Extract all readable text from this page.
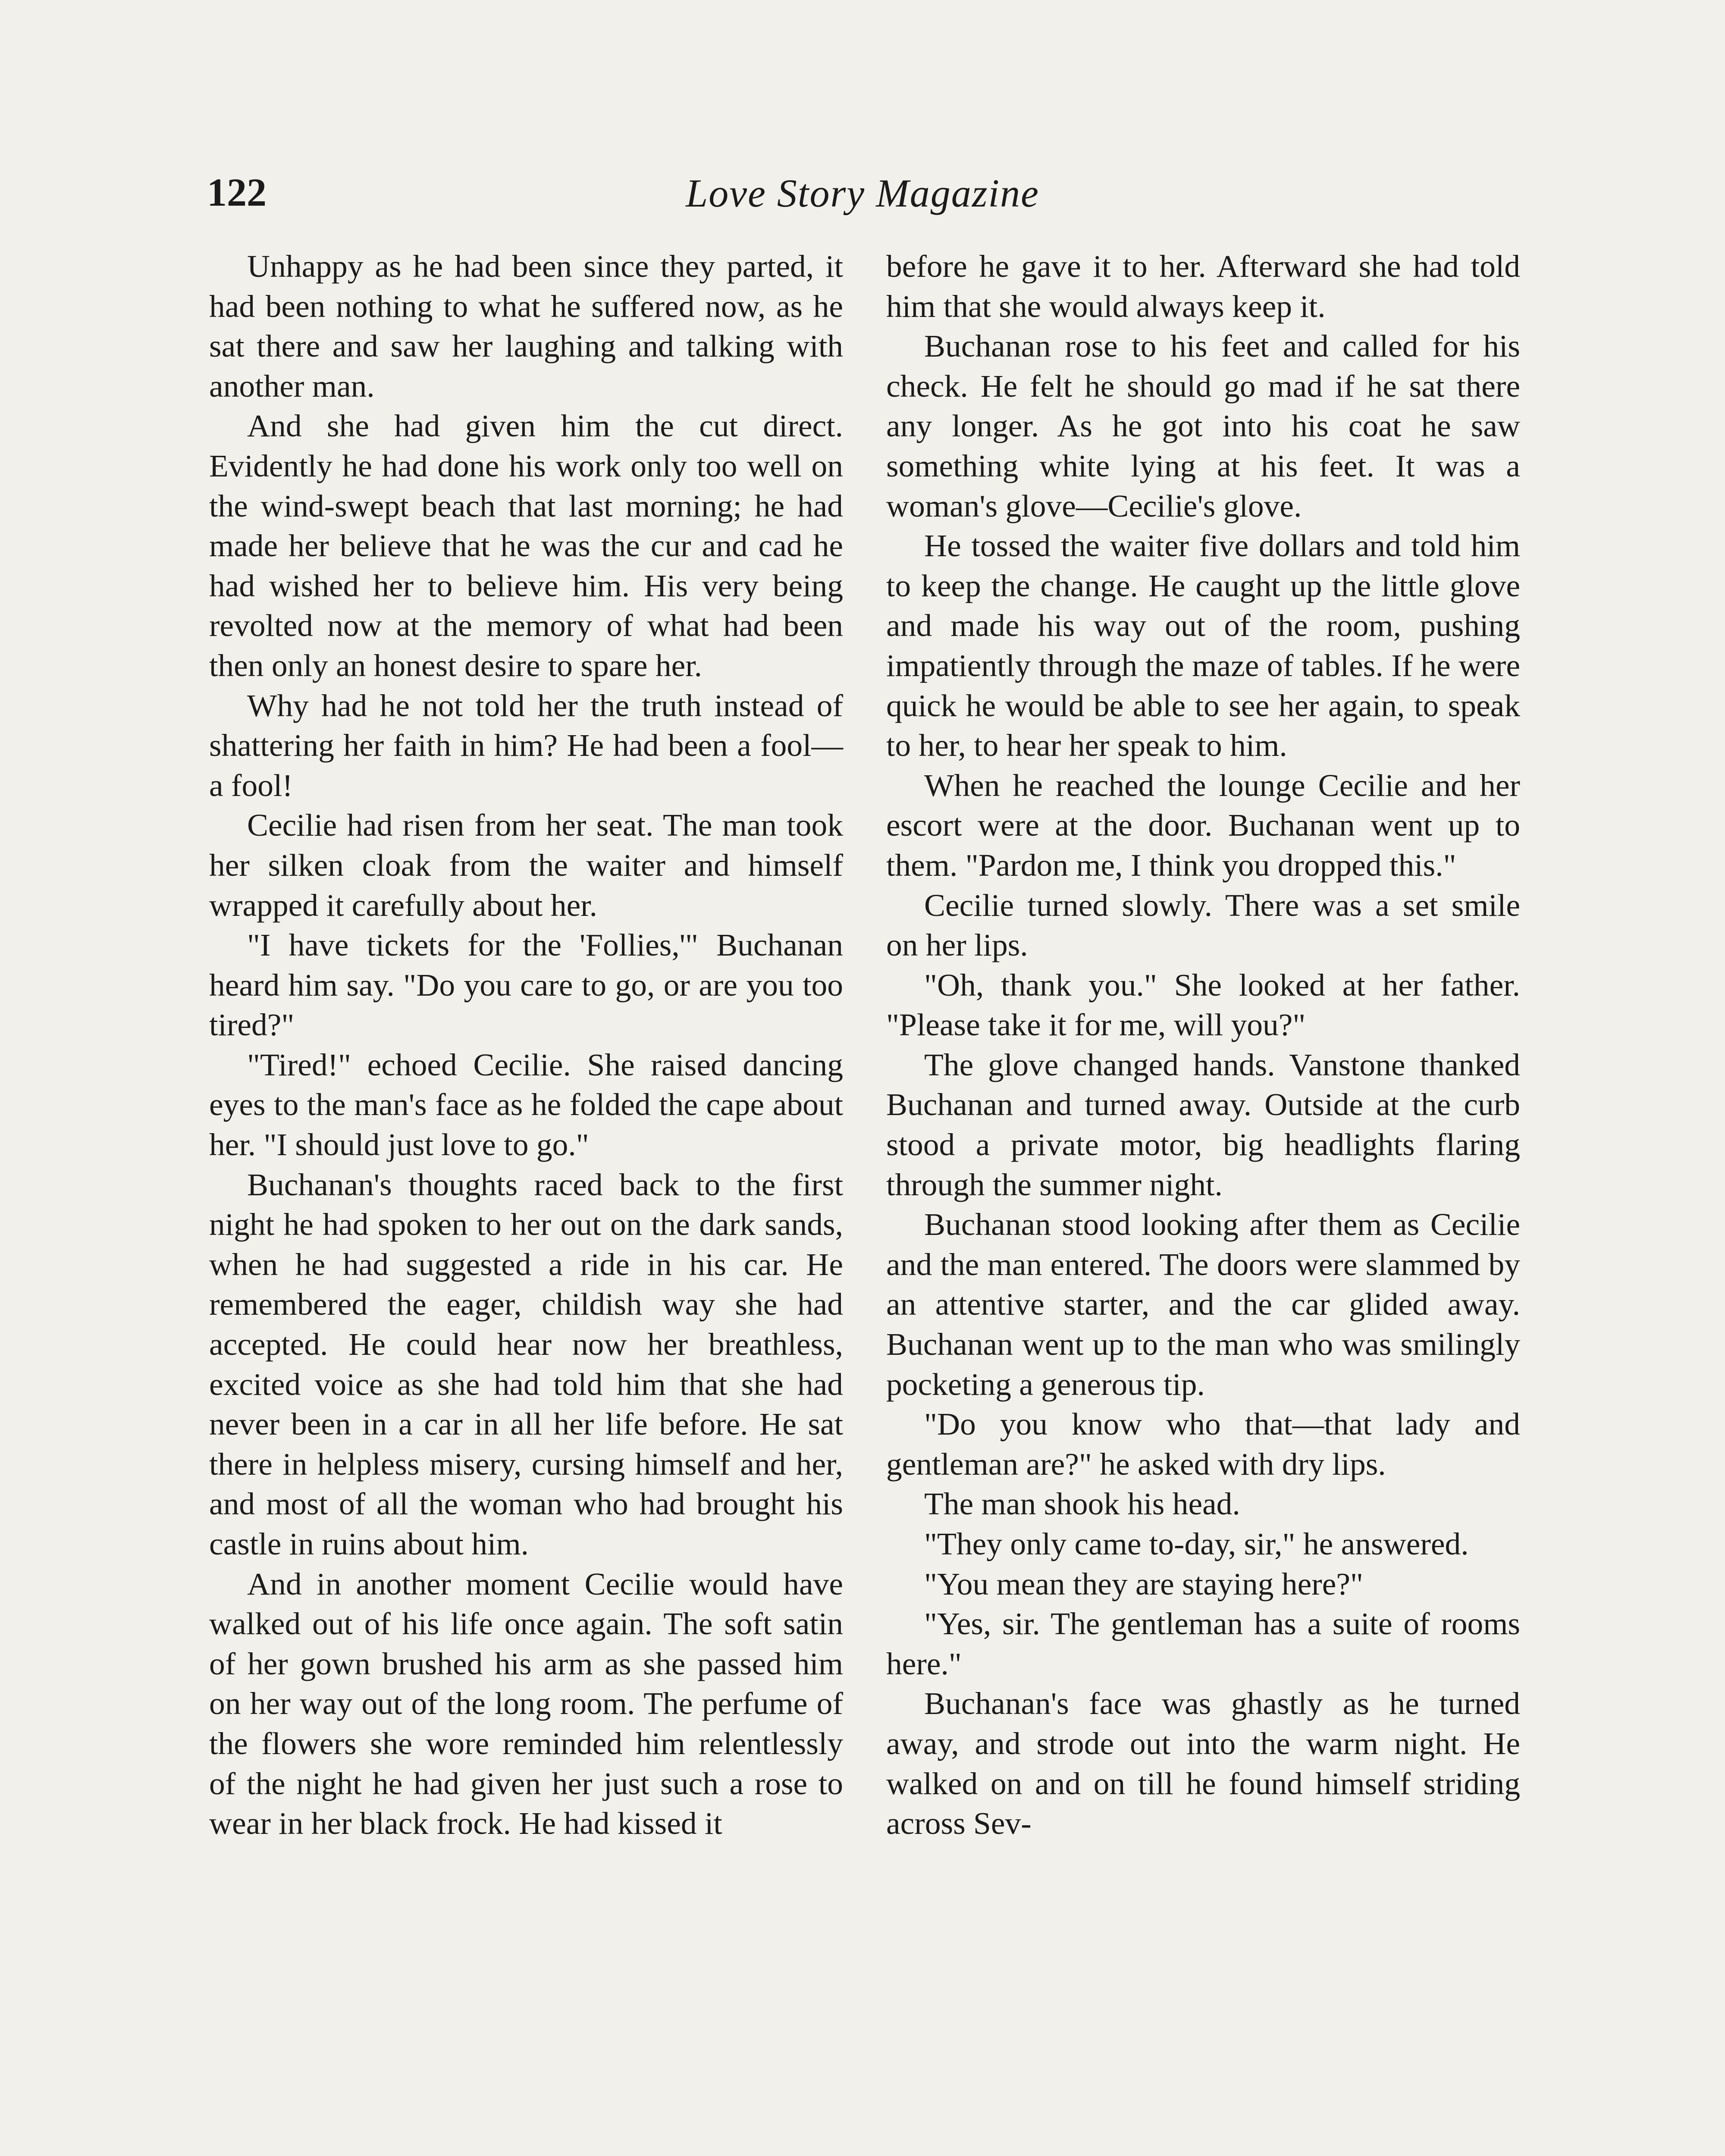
122	Love Story Magazine

Unhappy as he had been since they parted, it had been nothing to what he suffered now, as he sat there and saw her laughing and talking with another man.

And she had given him the cut direct. Evidently he had done his work only too well on the wind-swept beach that last morning; he had made her believe that he was the cur and cad he had wished her to believe him. His very being revolted now at the memory of what had been then only an honest desire to spare her.

Why had he not told her the truth instead of shattering her faith in him? He had been a fool—a fool!

Cecilie had risen from her seat. The man took her silken cloak from the waiter and himself wrapped it carefully about her.

"I have tickets for the 'Follies,'" Buchanan heard him say. "Do you care to go, or are you too tired?"

"Tired!" echoed Cecilie. She raised dancing eyes to the man's face as he folded the cape about her. "I should just love to go."

Buchanan's thoughts raced back to the first night he had spoken to her out on the dark sands, when he had suggested a ride in his car. He remembered the eager, childish way she had accepted. He could hear now her breathless, excited voice as she had told him that she had never been in a car in all her life before. He sat there in helpless misery, cursing himself and her, and most of all the woman who had brought his castle in ruins about him.

And in another moment Cecilie would have walked out of his life once again. The soft satin of her gown brushed his arm as she passed him on her way out of the long room. The perfume of the flowers she wore reminded him relentlessly of the night he had given her just such a rose to wear in her black frock. He had kissed it

before he gave it to her. Afterward she had told him that she would always keep it.

Buchanan rose to his feet and called for his check. He felt he should go mad if he sat there any longer. As he got into his coat he saw something white lying at his feet. It was a woman's glove—Cecilie's glove.

He tossed the waiter five dollars and told him to keep the change. He caught up the little glove and made his way out of the room, pushing impatiently through the maze of tables. If he were quick he would be able to see her again, to speak to her, to hear her speak to him.

When he reached the lounge Cecilie and her escort were at the door. Buchanan went up to them. "Pardon me, I think you dropped this."

Cecilie turned slowly. There was a set smile on her lips.

"Oh, thank you." She looked at her father. "Please take it for me, will you?"

The glove changed hands. Vanstone thanked Buchanan and turned away. Outside at the curb stood a private motor, big headlights flaring through the summer night.

Buchanan stood looking after them as Cecilie and the man entered. The doors were slammed by an attentive starter, and the car glided away. Buchanan went up to the man who was smilingly pocketing a generous tip.

"Do you know who that—that lady and gentleman are?" he asked with dry lips.

The man shook his head.

"They only came to-day, sir," he answered.

"You mean they are staying here?"

"Yes, sir. The gentleman has a suite of rooms here."

Buchanan's face was ghastly as he turned away, and strode out into the warm night. He walked on and on till he found himself striding across Sev-
